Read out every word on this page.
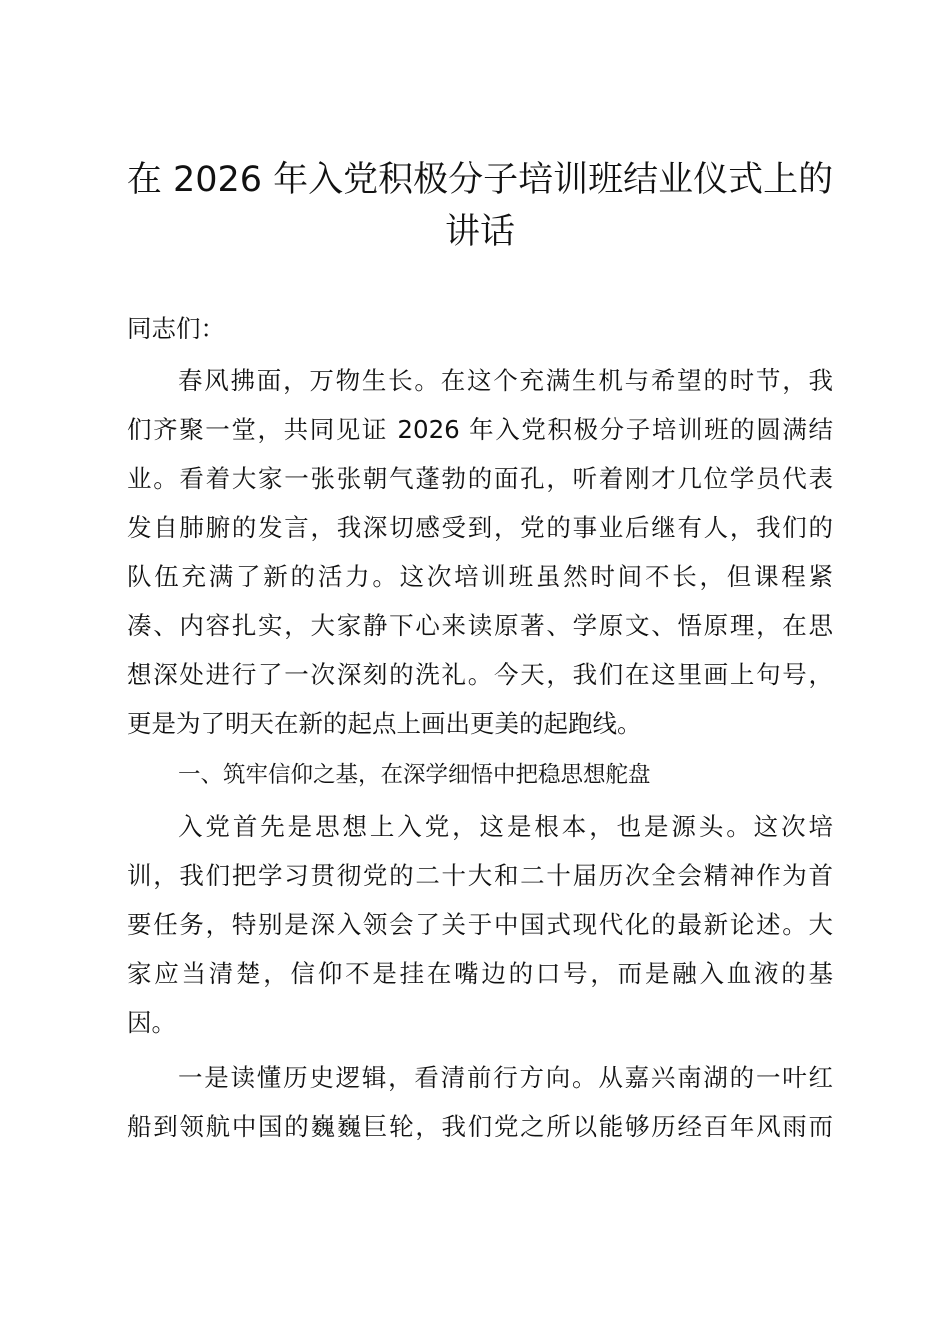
在 2026 年入党积极分子培训班结业仪式上的
讲话
同志们：
春风拂面，万物生长。在这个充满生机与希望的时节，我
们齐聚一堂，共同见证 2026 年入党积极分子培训班的圆满结
业。看着大家一张张朝气蓬勃的面孔，听着刚才几位学员代表
发自肺腑的发言，我深切感受到，党的事业后继有人，我们的
队伍充满了新的活力。这次培训班虽然时间不长，但课程紧
凑、内容扎实，大家静下心来读原著、学原文、悟原理，在思
想深处进行了一次深刻的洗礼。今天，我们在这里画上句号，
更是为了明天在新的起点上画出更美的起跑线。
一、筑牢信仰之基，在深学细悟中把稳思想舵盘
入党首先是思想上入党，这是根本，也是源头。这次培
训，我们把学习贯彻党的二十大和二十届历次全会精神作为首
要任务，特别是深入领会了关于中国式现代化的最新论述。大
家应当清楚，信仰不是挂在嘴边的口号，而是融入血液的基
因。
一是读懂历史逻辑，看清前行方向。从嘉兴南湖的一叶红
船到领航中国的巍巍巨轮，我们党之所以能够历经百年风雨而
